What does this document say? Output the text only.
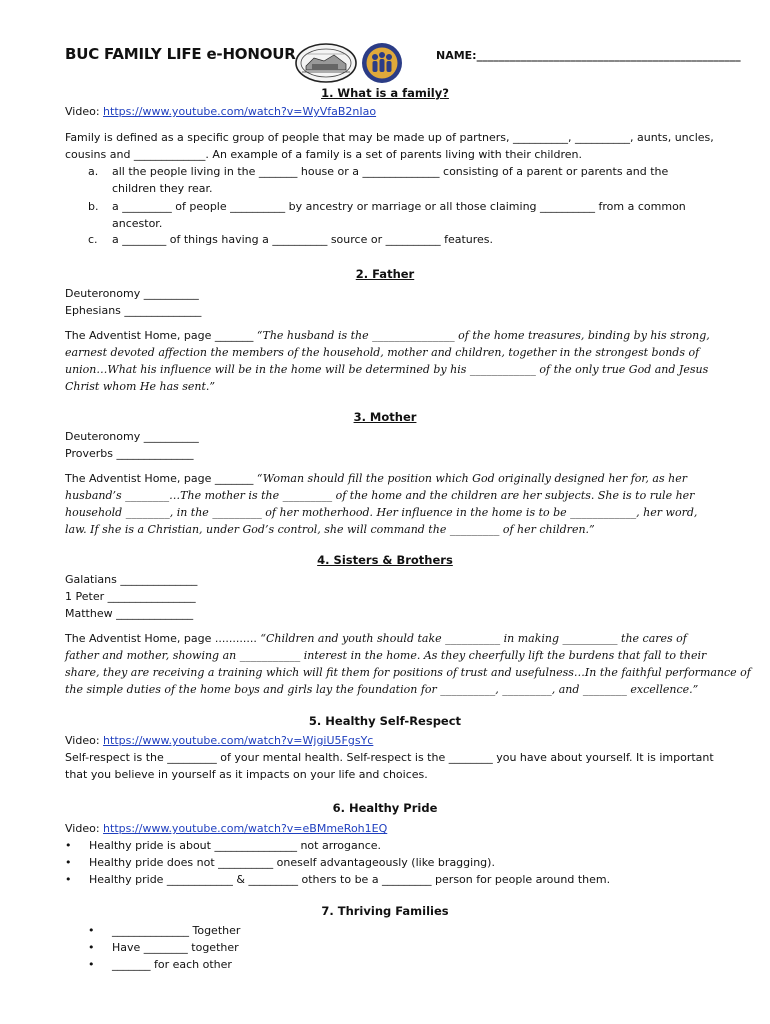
BUC FAMILY LIFE e-HONOUR	NAME:________________________________________________
1. What is a family?
Video: https://www.youtube.com/watch?v=WyVfaB2nIao
Family is defined as a specific group of people that may be made up of partners, __________, __________, aunts, uncles,
cousins and _____________. An example of a family is a set of parents living with their children.
a. all the people living in the _______ house or a ______________ consisting of a parent or parents and the
children they rear.
b. a _________ of people __________ by ancestry or marriage or all those claiming __________ from a common
ancestor.
c. a ________ of things having a __________ source or __________ features.
2. Father
Deuteronomy __________
Ephesians ______________
The Adventist Home, page _______ “The husband is the _______________ of the home treasures, binding by his strong,
earnest devoted affection the members of the household, mother and children, together in the strongest bonds of
union…What his influence will be in the home will be determined by his ____________ of the only true God and Jesus
Christ whom He has sent.”
3. Mother
Deuteronomy __________
Proverbs ______________
The Adventist Home, page _______ “Woman should fill the position which God originally designed her for, as her
husband’s ________…The mother is the _________ of the home and the children are her subjects. She is to rule her
household ________, in the _________ of her motherhood. Her influence in the home is to be ____________, her word,
law. If she is a Christian, under God’s control, she will command the _________ of her children.”
4. Sisters & Brothers
Galatians ______________
1 Peter ________________
Matthew ______________
The Adventist Home, page ............ “Children and youth should take __________ in making __________ the cares of
father and mother, showing an ___________ interest in the home. As they cheerfully lift the burdens that fall to their
share, they are receiving a training which will fit them for positions of trust and usefulness…In the faithful performance of
the simple duties of the home boys and girls lay the foundation for __________, _________, and ________ excellence.”
5. Healthy Self-Respect
Video: https://www.youtube.com/watch?v=WjgiU5FgsYc
Self-respect is the _________ of your mental health. Self-respect is the ________ you have about yourself. It is important
that you believe in yourself as it impacts on your life and choices.
6. Healthy Pride
Video: https://www.youtube.com/watch?v=eBMmeRoh1EQ
• Healthy pride is about _______________ not arrogance.
• Healthy pride does not __________ oneself advantageously (like bragging).
• Healthy pride ____________ & _________ others to be a _________ person for people around them.
7. Thriving Families
• ______________ Together
• Have ________ together
• _______ for each other
